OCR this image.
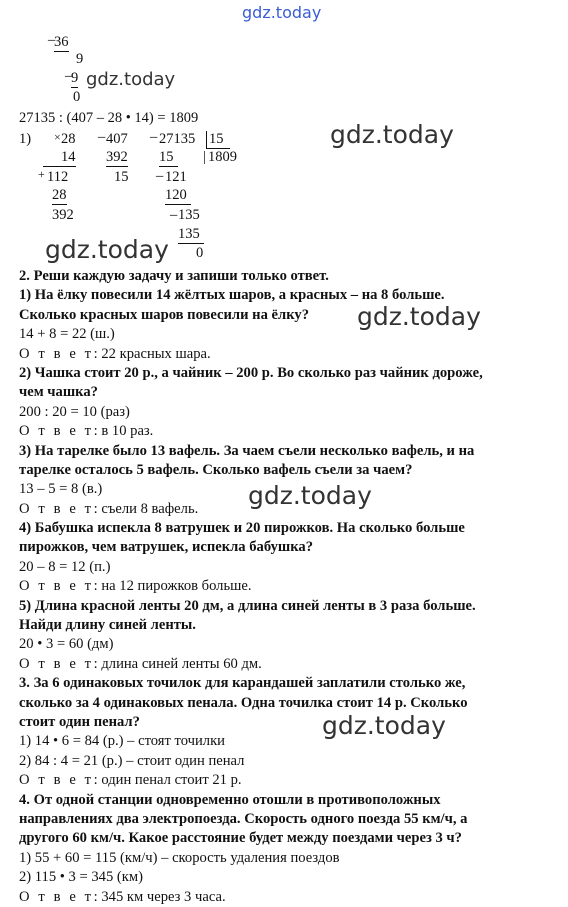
gdz.today
gdz.today
gdz.today
gdz.today
gdz.today
gdz.today
gdz.today
36
_
9
9
_
0
27135 : (407 – 28 • 14) = 1809
1) × 28
14
+ 112
28
392
_ 407
392
15
_ 27135 15
| 1809
15
_ 121
120
_ 135
135
0
2. Реши каждую задачу и запиши только ответ.
1) На ёлку повесили 14 жёлтых шаров, а красных – на 8 больше.
Сколько красных шаров повесили на ёлку?
14 + 8 = 22 (ш.)
О т в е т: 22 красных шара.
2) Чашка стоит 20 р., а чайник – 200 р. Во сколько раз чайник дороже,
чем чашка?
200 : 20 = 10 (раз)
О т в е т: в 10 раз.
3) На тарелке было 13 вафель. За чаем съели несколько вафель, и на
тарелке осталось 5 вафель. Сколько вафель съели за чаем?
13 – 5 = 8 (в.)
О т в е т: съели 8 вафель.
4) Бабушка испекла 8 ватрушек и 20 пирожков. На сколько больше
пирожков, чем ватрушек, испекла бабушка?
20 – 8 = 12 (п.)
О т в е т: на 12 пирожков больше.
5) Длина красной ленты 20 дм, а длина синей ленты в 3 раза больше.
Найди длину синей ленты.
20 • 3 = 60 (дм)
О т в е т: длина синей ленты 60 дм.
3. За 6 одинаковых точилок для карандашей заплатили столько же,
сколько за 4 одинаковых пенала. Одна точилка стоит 14 р. Сколько
стоит один пенал?
1) 14 • 6 = 84 (р.) – стоят точилки
2) 84 : 4 = 21 (р.) – стоит один пенал
О т в е т: один пенал стоит 21 р.
4. От одной станции одновременно отошли в противоположных
направлениях два электропоезда. Скорость одного поезда 55 км/ч, а
другого 60 км/ч. Какое расстояние будет между поездами через 3 ч?
1) 55 + 60 = 115 (км/ч) – скорость удаления поездов
2) 115 • 3 = 345 (км)
О т в е т: 345 км через 3 часа.
